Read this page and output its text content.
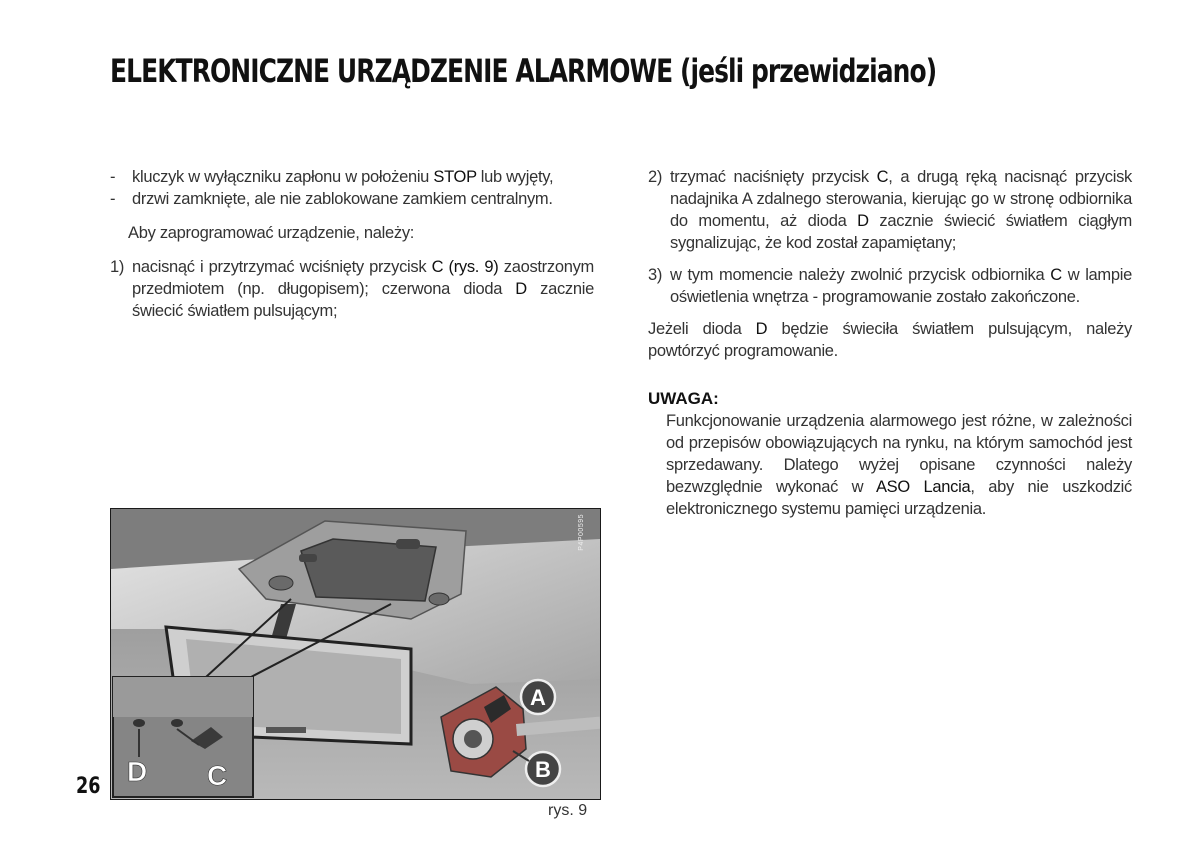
ELEKTRONICZNE URZĄDZENIE ALARMOWE (jeśli przewidziano)
- kluczyk w wyłączniku zapłonu w położeniu STOP lub wyjęty,
- drzwi zamknięte, ale nie zablokowane zamkiem centralnym.
Aby zaprogramować urządzenie, należy:
1) nacisnąć i przytrzymać wciśnięty przycisk C (rys. 9) zaostrzonym przedmiotem (np. długopisem); czerwona dioda D zacznie świecić światłem pulsującym;
2) trzymać naciśnięty przycisk C, a drugą ręką nacisnąć przycisk nadajnika A zdalnego sterowania, kierując go w stronę odbiornika do momentu, aż dioda D zacznie świecić światłem ciągłym sygnalizując, że kod został zapamiętany;
3) w tym momencie należy zwolnić przycisk odbiornika C w lampie oświetlenia wnętrza - programowanie zostało zakończone.
Jeżeli dioda D będzie świeciła światłem pulsującym, należy powtórzyć programowanie.
UWAGA:
Funkcjonowanie urządzenia alarmowego jest różne, w zależności od przepisów obowiązujących na rynku, na którym samochód jest sprzedawany. Dlatego wyżej opisane czynności należy bezwzględnie wykonać w ASO Lancia, aby nie uszkodzić elektronicznego systemu pamięci urządzenia.
A
B
D C
P4P00595
rys. 9
26
